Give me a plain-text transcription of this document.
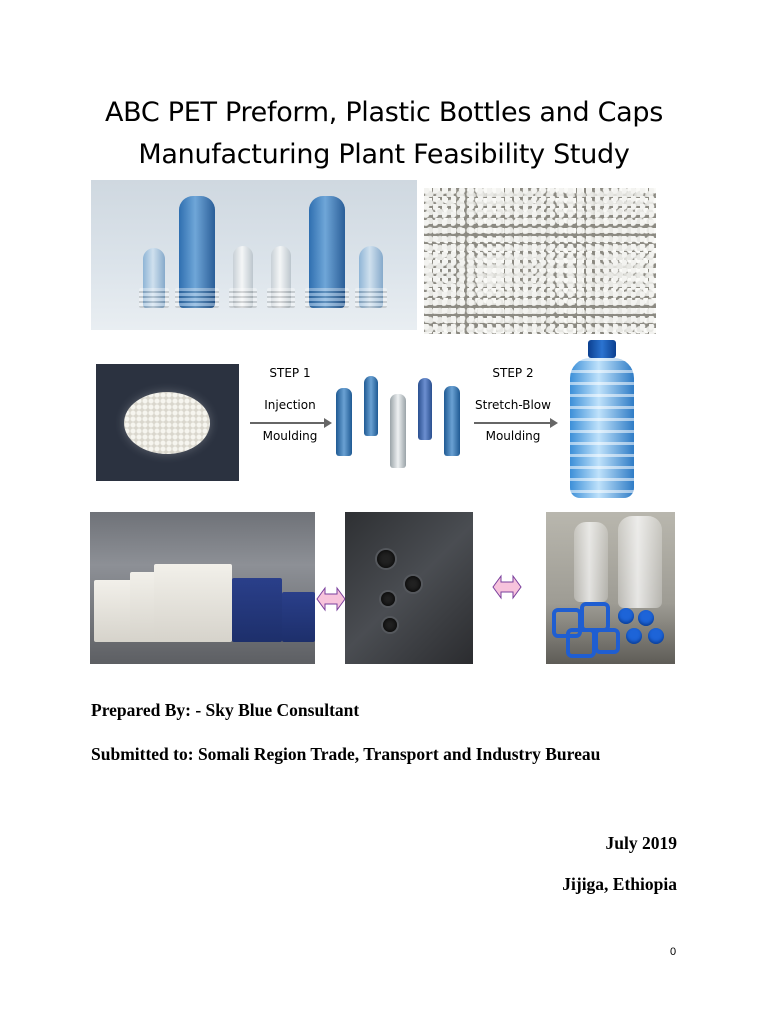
ABC PET Preform, Plastic Bottles and Caps
Manufacturing Plant Feasibility Study
STEP 1
Injection
Moulding
STEP 2
Stretch-Blow
Moulding
Prepared By: - Sky Blue Consultant
Submitted to: Somali Region Trade, Transport and Industry Bureau
July 2019
Jijiga, Ethiopia
0
